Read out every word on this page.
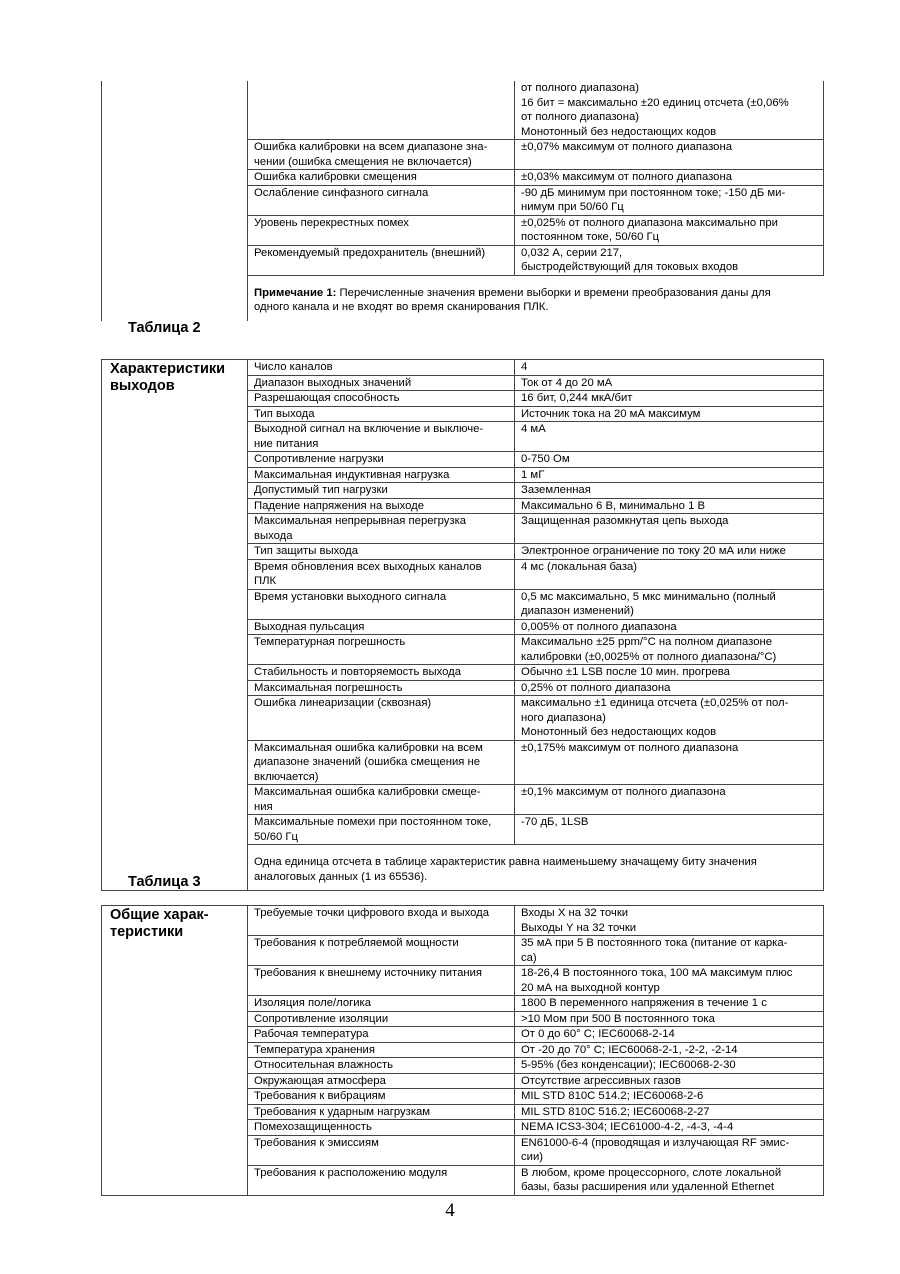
		от полного диапазона)
16 бит = максимально ±20 единиц отсчета (±0,06%
от полного диапазона)
Монотонный без недостающих кодов

	Ошибка калибровки на всем диапазоне зна-
чении (ошибка смещения не включается)	±0,07% максимум от полного диапазона

	Ошибка калибровки смещения	±0,03% максимум от полного диапазона

	Ослабление синфазного сигнала	-90 дБ минимум при постоянном токе; -150 дБ ми-
нимум при 50/60 Гц

	Уровень перекрестных помех	±0,025% от полного диапазона максимально при
постоянном токе, 50/60 Гц

	Рекомендуемый предохранитель (внешний)	0,032 А, серии 217,
быстродействующий для токовых входов

	Примечание 1: Перечисленные значения времени выборки и времени преобразования даны для
одного канала и не входят во время сканирования ПЛК.	
Таблица 2
Характеристики
выходов	Число каналов	4

	Диапазон выходных значений	Ток от 4 до 20 мА

	Разрешающая способность	16 бит, 0,244 мкА/бит

	Тип выхода	Источник тока на 20 мА максимум

	Выходной сигнал на включение и выключе-
ние питания	4 мА

	Сопротивление нагрузки	0-750 Ом

	Максимальная индуктивная нагрузка	1 мГ

	Допустимый тип нагрузки	Заземленная

	Падение напряжения на выходе	Максимально 6 В, минимально 1 В

	Максимальная непрерывная перегрузка
выхода	Защищенная разомкнутая цепь выхода

	Тип защиты выхода	Электронное ограничение по току 20 мА или ниже

	Время обновления всех выходных каналов
ПЛК	4 мс (локальная база)

	Время установки выходного сигнала	0,5 мс максимально, 5 мкс минимально (полный
диапазон изменений)

	Выходная пульсация	0,005% от полного диапазона

	Температурная погрешность	Максимально ±25 ppm/°С на полном диапазоне
калибровки (±0,0025% от полного диапазона/°С)

	Стабильность и повторяемость выхода	Обычно ±1 LSB после 10 мин. прогрева

	Максимальная погрешность	0,25% от полного диапазона

	Ошибка линеаризации (сквозная)	максимально ±1 единица отсчета (±0,025% от пол-
ного диапазона)
Монотонный без недостающих кодов

	Максимальная ошибка калибровки на всем
диапазоне значений (ошибка смещения не
включается)	±0,175% максимум от полного диапазона

	Максимальная ошибка калибровки смеще-
ния	±0,1% максимум от полного диапазона

	Максимальные помехи при постоянном токе,
50/60 Гц	-70 дБ, 1LSB

	Одна единица отсчета в таблице характеристик равна наименьшему значащему биту значения
аналоговых данных (1 из 65536).	
Таблица 3
Общие харак-
теристики	Требуемые точки цифрового входа и выхода	Входы X на 32 точки
Выходы Y на 32 точки

	Требования к потребляемой мощности	35 мА при 5 В постоянного тока (питание от карка-
са)

	Требования к внешнему источнику питания	18-26,4 В постоянного тока, 100 мА максимум плюс
20 мА на выходной контур

	Изоляция поле/логика	1800 В переменного напряжения в течение 1 с

	Сопротивление изоляции	>10 Мом при 500 В постоянного тока

	Рабочая температура	От 0 до 60° С; IEC60068-2-14

	Температура хранения	От -20 до 70° С; IEC60068-2-1, -2-2, -2-14

	Относительная влажность	5-95% (без конденсации); IEC60068-2-30

	Окружающая атмосфера	Отсутствие агрессивных газов

	Требования к вибрациям	MIL STD 810C 514.2; IEC60068-2-6

	Требования к ударным нагрузкам	MIL STD 810C 516.2; IEC60068-2-27

	Помехозащищенность	NEMA ICS3-304; IEC61000-4-2, -4-3, -4-4

	Требования к эмиссиям	EN61000-6-4 (проводящая и излучающая RF эмис-
сии)

	Требования к расположению модуля	В любом, кроме процессорного, слоте локальной
базы, базы расширения или удаленной Ethernet
4
